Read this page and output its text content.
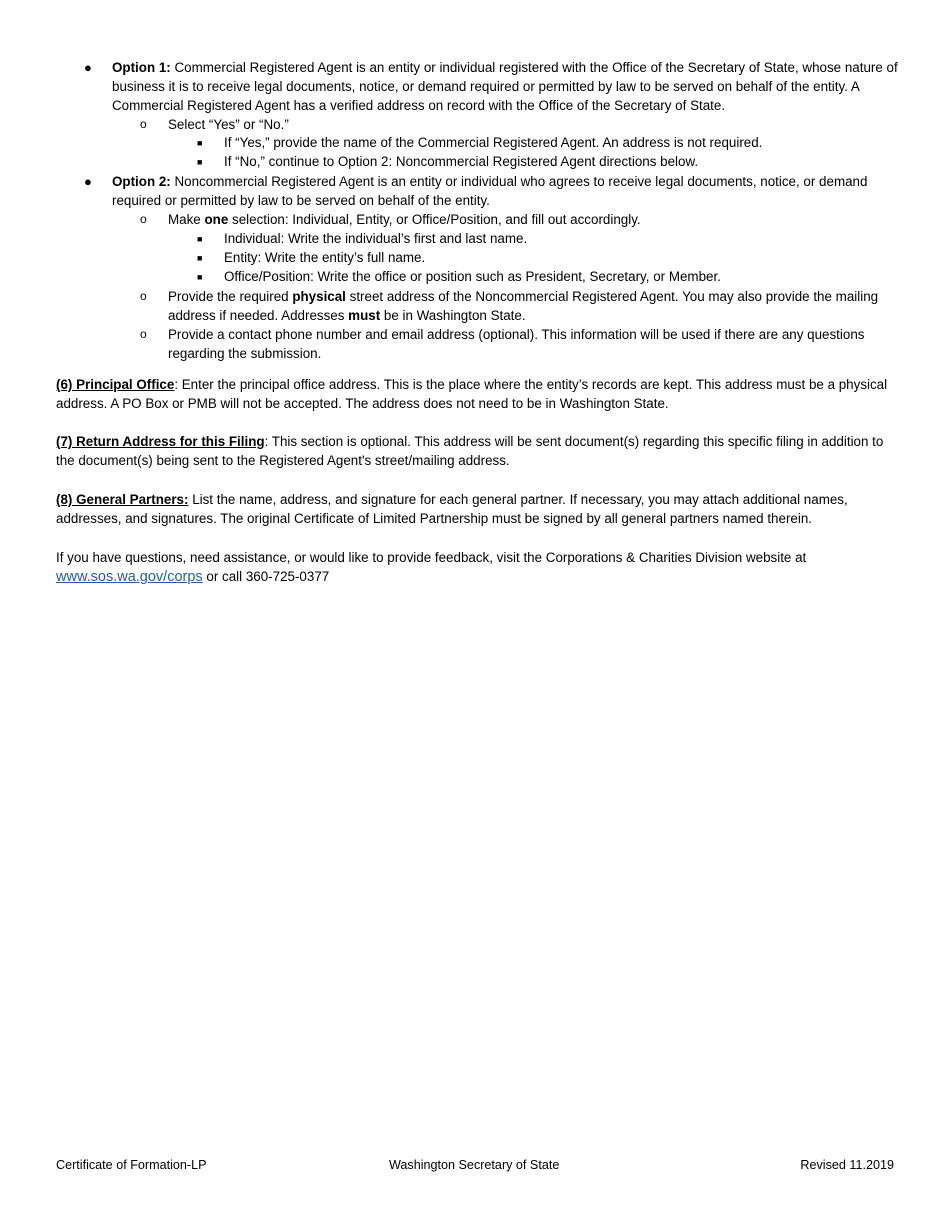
● Option 1: Commercial Registered Agent is an entity or individual registered with the Office of the Secretary of State, whose nature of business it is to receive legal documents, notice, or demand required or permitted by law to be served on behalf of the entity. A Commercial Registered Agent has a verified address on record with the Office of the Secretary of State.
o Select “Yes” or “No.”
■ If “Yes,” provide the name of the Commercial Registered Agent. An address is not required.
■ If “No,” continue to Option 2: Noncommercial Registered Agent directions below.
● Option 2: Noncommercial Registered Agent is an entity or individual who agrees to receive legal documents, notice, or demand required or permitted by law to be served on behalf of the entity.
o Make one selection: Individual, Entity, or Office/Position, and fill out accordingly.
■ Individual: Write the individual’s first and last name.
■ Entity: Write the entity’s full name.
■ Office/Position: Write the office or position such as President, Secretary, or Member.
o Provide the required physical street address of the Noncommercial Registered Agent. You may also provide the mailing address if needed. Addresses must be in Washington State.
o Provide a contact phone number and email address (optional). This information will be used if there are any questions regarding the submission.
(6) Principal Office: Enter the principal office address. This is the place where the entity’s records are kept. This address must be a physical address. A PO Box or PMB will not be accepted. The address does not need to be in Washington State.
(7) Return Address for this Filing: This section is optional. This address will be sent document(s) regarding this specific filing in addition to the document(s) being sent to the Registered Agent's street/mailing address.
(8) General Partners: List the name, address, and signature for each general partner. If necessary, you may attach additional names, addresses, and signatures. The original Certificate of Limited Partnership must be signed by all general partners named therein.
If you have questions, need assistance, or would like to provide feedback, visit the Corporations & Charities Division website at www.sos.wa.gov/corps or call 360-725-0377
Certificate of Formation-LP	Washington Secretary of State	Revised 11.2019
